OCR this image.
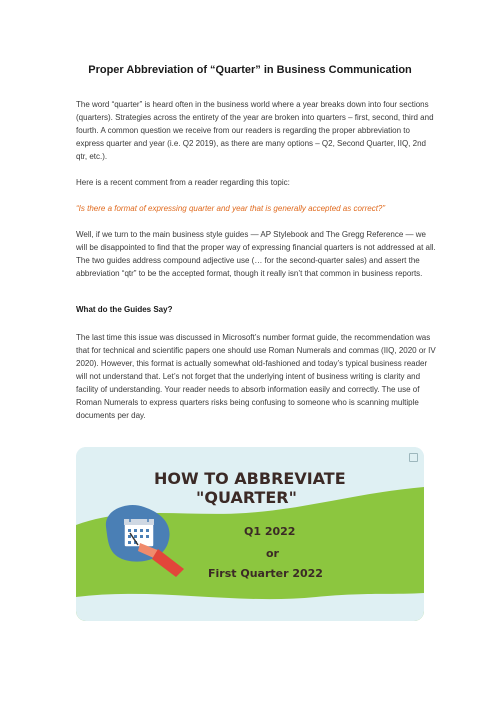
Proper Abbreviation of “Quarter” in Business Communication

The word “quarter” is heard often in the business world where a year breaks down into four sections (quarters). Strategies across the entirety of the year are broken into quarters – first, second, third and fourth. A common question we receive from our readers is regarding the proper abbreviation to express quarter and year (i.e. Q2 2019), as there are many options – Q2, Second Quarter, IIQ, 2nd qtr, etc.).

Here is a recent comment from a reader regarding this topic:

“Is there a format of expressing quarter and year that is generally accepted as correct?”

Well, if we turn to the main business style guides — AP Stylebook and The Gregg Reference — we will be disappointed to find that the proper way of expressing financial quarters is not addressed at all. The two guides address compound adjective use (… for the second-quarter sales) and assert the abbreviation “qtr” to be the accepted format, though it really isn’t that common in business reports.

What do the Guides Say?

The last time this issue was discussed in Microsoft’s number format guide, the recommendation was that for technical and scientific papers one should use Roman Numerals and commas (IIQ, 2020 or IV 2020). However, this format is actually somewhat old-fashioned and today’s typical business reader will not understand that. Let’s not forget that the underlying intent of business writing is clarity and facility of understanding. Your reader needs to absorb information easily and correctly. The use of Roman Numerals to express quarters risks being confusing to someone who is scanning multiple documents per day.

HOW TO ABBREVIATE
"QUARTER"

Q1 2022

or

First Quarter 2022
